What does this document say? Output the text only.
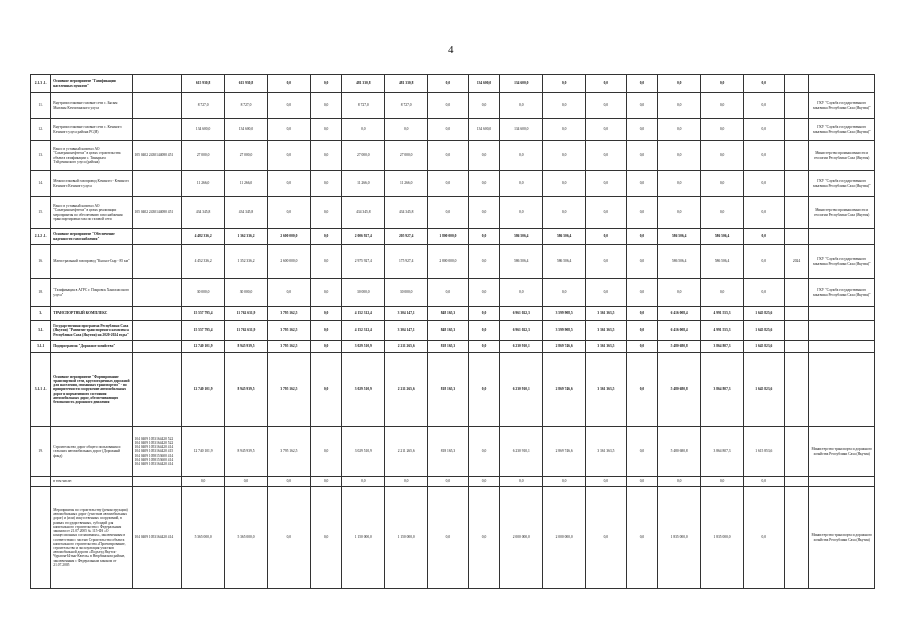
4
2.1.3 .1.	Основное мероприятие "Газификация населенных пунктов"		615 930,8	615 930,8	0,0	0,0	481 330,8	481 330,8	0,0	134 600,0	134 600,0	0,0	0,0	0,0	0,0	0,0	0,0		
11.	Внутрипоселковые газовые сети с. Бясым Мытаны Кэччатанского улуса		8 727,0	8 727,0	0,0	0,0	8 727,0	8 727,0	0,0	0,0	0,0	0,0	0,0	0,0	0,0	0,0	0,0		ГКУ "Служба государственного заказчика Республики Саха (Якутия)"
12.	Внутрипоселковые газовые сети с. Кэчинэгэ Кэчинэгэ улуса района РС(Я)		134 600,0	134 600,0	0,0	0,0	0,0	0,0	0,0	134 600,0	134 600,0	0,0	0,0	0,0	0,0	0,0	0,0		ГКУ "Служба государственного заказчика Республики Саха (Якутия)"
13.	Взнос в уставный капитал АО "Сахатранснефтегаз" в целях строительства объекта газификации с. Тинырыга Тэйдэчинского улуса (района)	105 0402 2430144080 451	27 000,0	27 000,0	0,0	0,0	27 000,0	27 000,0	0,0	0,0	0,0	0,0	0,0	0,0	0,0	0,0	0,0		Министерство промышленности и геологии Республики Саха (Якутия)
14.	Межпоселковый газопровод Кэчинэгэ - Кэчинэгэ Кэчинэгэ Кэчинэгэ улуса		11 266,0	11 266,0	0,0	0,0	11 266,0	11 266,0	0,0	0,0	0,0	0,0	0,0	0,0	0,0	0,0	0,0		ГКУ "Служба государственного заказчика Республики Саха (Якутия)"
15.	Взнос в уставный капитал АО "Сахатранснефтегаз" в целях реализации мероприятия по обеспечению газоснабжения транспортировки газа по газовой сети	105 0402 2430144080 451	434 345,8	434 345,8	0,0	0,0	434 345,8	434 345,8	0,0	0,0	0,0	0,0	0,0	0,0	0,0	0,0	0,0		Министерство промышленности и геологии Республики Саха (Якутия)
2.1.2 .1.	Основное мероприятие "Обеспечение надежности газоснабжения"		4 482 336,2	1 362 336,2	2 600 000,0	0,0	2 006 927,4	205 927,4	1 800 000,0	0,0	586 506,4	586 506,4	0,0	0,0	586 506,4	586 506,4	0,0		
16.	Магистральный газопровод "Кысыл-Сыр - 85 км"		4 452 336,2	1 352 336,2	2 600 000,0	0,0	2 975 927,4	175 927,4	2 800 000,0	0,0	586 506,4	586 506,4	0,0	0,0	586 506,4	586 506,4	0,0	2024	ГКУ "Служба государственного заказчика Республики Саха (Якутия)"
18.	"Газификация в АГРС г. Покровск Хангаласского улуса"		30 000,0	30 000,0	0,0	0,0	30 000,0	30 000,0	0,0	0,0	0,0	0,0	0,0	0,0	0,0	0,0	0,0		ГКУ "Служба государственного заказчика Республики Саха (Якутия)"
3.	ТРАНСПОРТНЫЙ КОМПЛЕКС		15 557 795,4	11 762 631,9	3 795 162,5	0,0	4 152 312,4	3 304 147,1	848 165,3	0,0	6 961 022,3	3 599 908,5	3 361 363,5	0,0	6 416 008,4	4 991 555,3	1 645 825,6		
3.1.	Государственная программа Республики Саха (Якутия) "Развитие транспортного комплекса Республики Саха (Якутия) на 2020-2024 годы"		15 557 795,4	11 762 631,9	3 795 162,5	0,0	4 152 312,4	3 304 147,1	848 165,3	0,0	6 961 022,3	3 599 908,5	3 361 363,5	0,0	6 416 008,4	4 991 555,3	1 645 825,6		
3.1.1	Подпрограмма "Дорожное хозяйство"		12 740 101,9	8 945 939,5	3 795 162,5	0,0	3 029 510,9	2 211 265,6	818 165,3	0,0	6 230 910,1	2 869 746,6	3 361 363,5	0,0	5 480 680,8	3 864 807,3	1 645 823,6		
3.1.1 .1.	Основное мероприятие "Формирование транспортной сети, круглогодичных дорожной для населения, связанных транспортом" - по приоритетности сооружение автомобильных дорог и нормативного состояния автомобильных дорог, обеспечивающих безопасность дорожного движения		12 740 101,9	8 945 939,5	3 795 162,5	0,0	3 029 510,9	2 211 265,6	818 165,3	0,0	6 230 910,1	2 869 746,6	3 361 363,5	0,0	5 480 680,8	3 864 807,3	1 645 823,6		
19.	Строительство дорог общего пользования и сельских автомобильных дорог (Дорожный фонд)	104 0409 1053164420 522 104 0409 1053164420 522 104 0409 1053164420 414 104 0409 1053164420 415 104 0409 1058153600 414 104 0409 1058153600 414 104 0409 1053164420 414	12 740 101,9	8 945 939,5	3 795 162,5	0,0	3 029 510,9	2 211 265,6	818 165,3	0,0	6 230 910,1	2 869 746,6	3 361 363,5	0,0	5 480 680,8	3 864 807,3	1 615 853,6		Министерство транспорта и дорожного хозяйства Республики Саха (Якутия)
	в том числе:		0,0	0,0	0,0	0,0	0,0	0,0	0,0	0,0	0,0	0,0	0,0	0,0	0,0	0,0	0,0		
	Мероприятия по строительству (реконструкции) автомобильных дорог (участков автомобильных дорог) и (или) искусственных сооружений, в рамках государственных, субсидий для капитального строительства с Федеральным законом от 21.07.2005 № 115-ФЗ «О концессионных соглашениях», заключенным в соответствии с частью Строительство объекта капитального строительства «Проектирование, строительство и эксплуатация участков автомобильной дороги «Подъезд Якутск-Чурапча-Ытык-Кюель» в Нюрбинском районе, заключенным с Федеральным законом от 21.07.2005	104 0409 1053164420 414	5 365 000,0	5 365 000,0	0,0	0,0	1 150 000,0	1 150 000,0	0,0	0,0	2 000 000,0	2 000 000,0	0,0	0,0	1 835 000,0	1 835 000,0	0,0		Министерство транспорта и дорожного хозяйства Республики Саха (Якутия)
